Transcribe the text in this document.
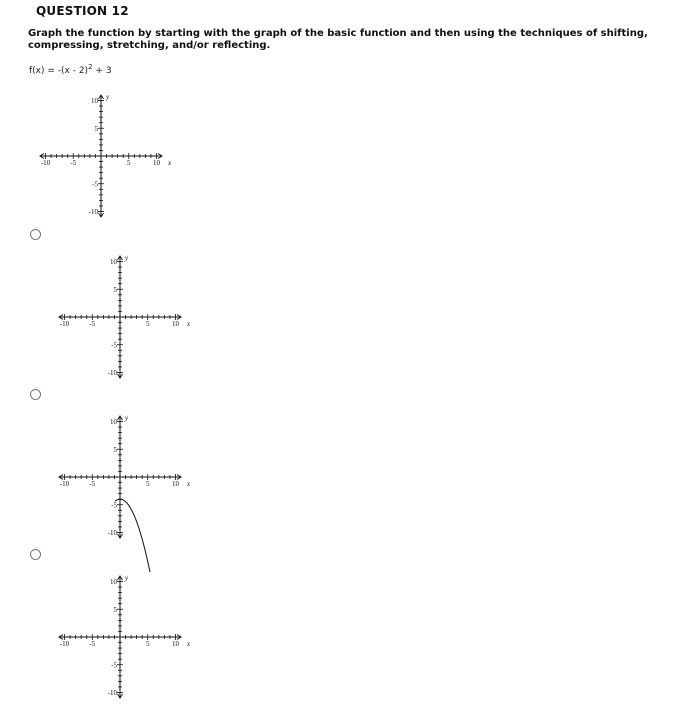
QUESTION 12
Graph the function by starting with the graph of the basic function and then using the techniques of shifting, compressing, stretching, and/or reflecting.
f(x) = -(x - 2)$^2$ + 3
-10	-5	5	10 x
10
5
-5
-10
y
-10	-5	5	10 x
10
5
-5
-10
y
-10	-5	5	10 x
10
5
-5
-10
y
-10	-5	5	10 x
10
5
-5
-10
y
